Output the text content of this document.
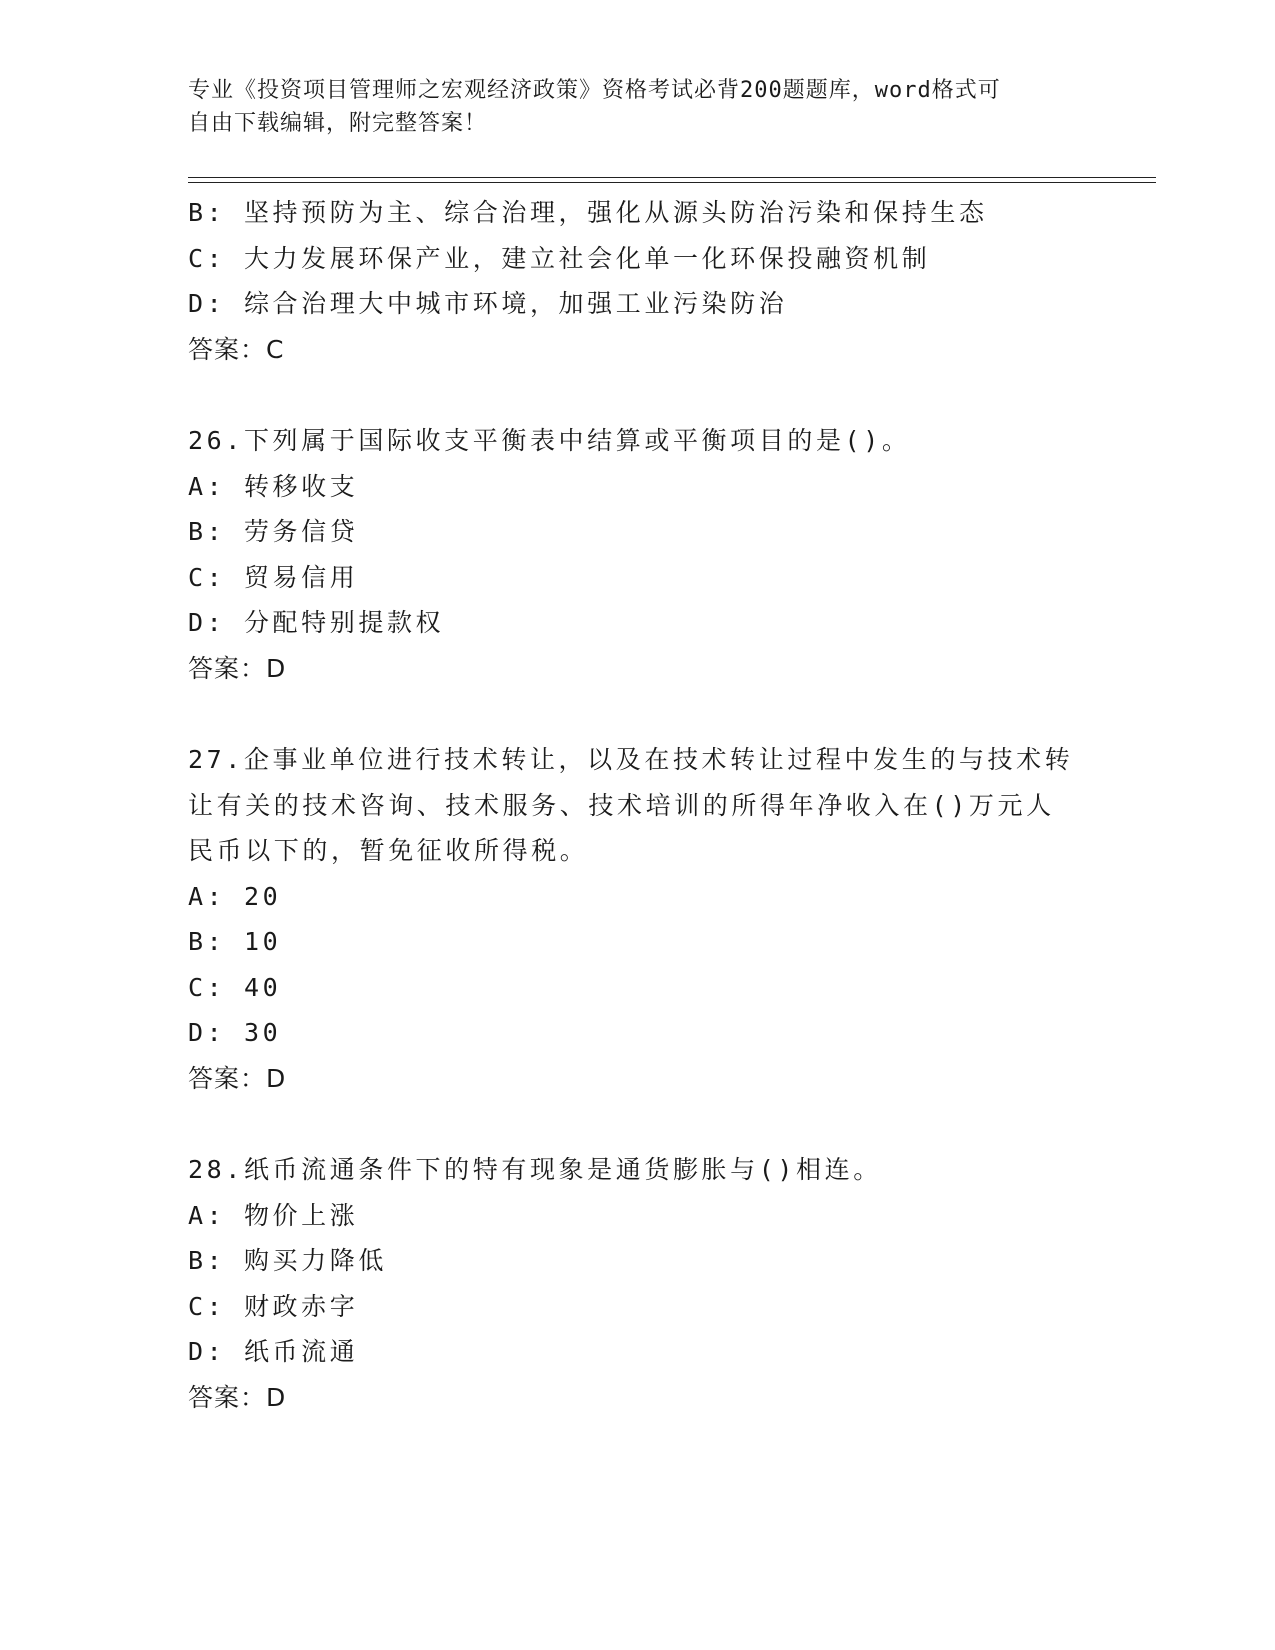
专业《投资项目管理师之宏观经济政策》资格考试必背200题题库，word格式可
自由下载编辑，附完整答案！
B: 坚持预防为主、综合治理，强化从源头防治污染和保持生态
C: 大力发展环保产业，建立社会化单一化环保投融资机制
D: 综合治理大中城市环境，加强工业污染防治
答案：C
26.下列属于国际收支平衡表中结算或平衡项目的是()。
A: 转移收支
B: 劳务信贷
C: 贸易信用
D: 分配特别提款权
答案：D
27.企事业单位进行技术转让，以及在技术转让过程中发生的与技术转
让有关的技术咨询、技术服务、技术培训的所得年净收入在()万元人
民币以下的，暂免征收所得税。
A: 20
B: 10
C: 40
D: 30
答案：D
28.纸币流通条件下的特有现象是通货膨胀与()相连。
A: 物价上涨
B: 购买力降低
C: 财政赤字
D: 纸币流通
答案：D
